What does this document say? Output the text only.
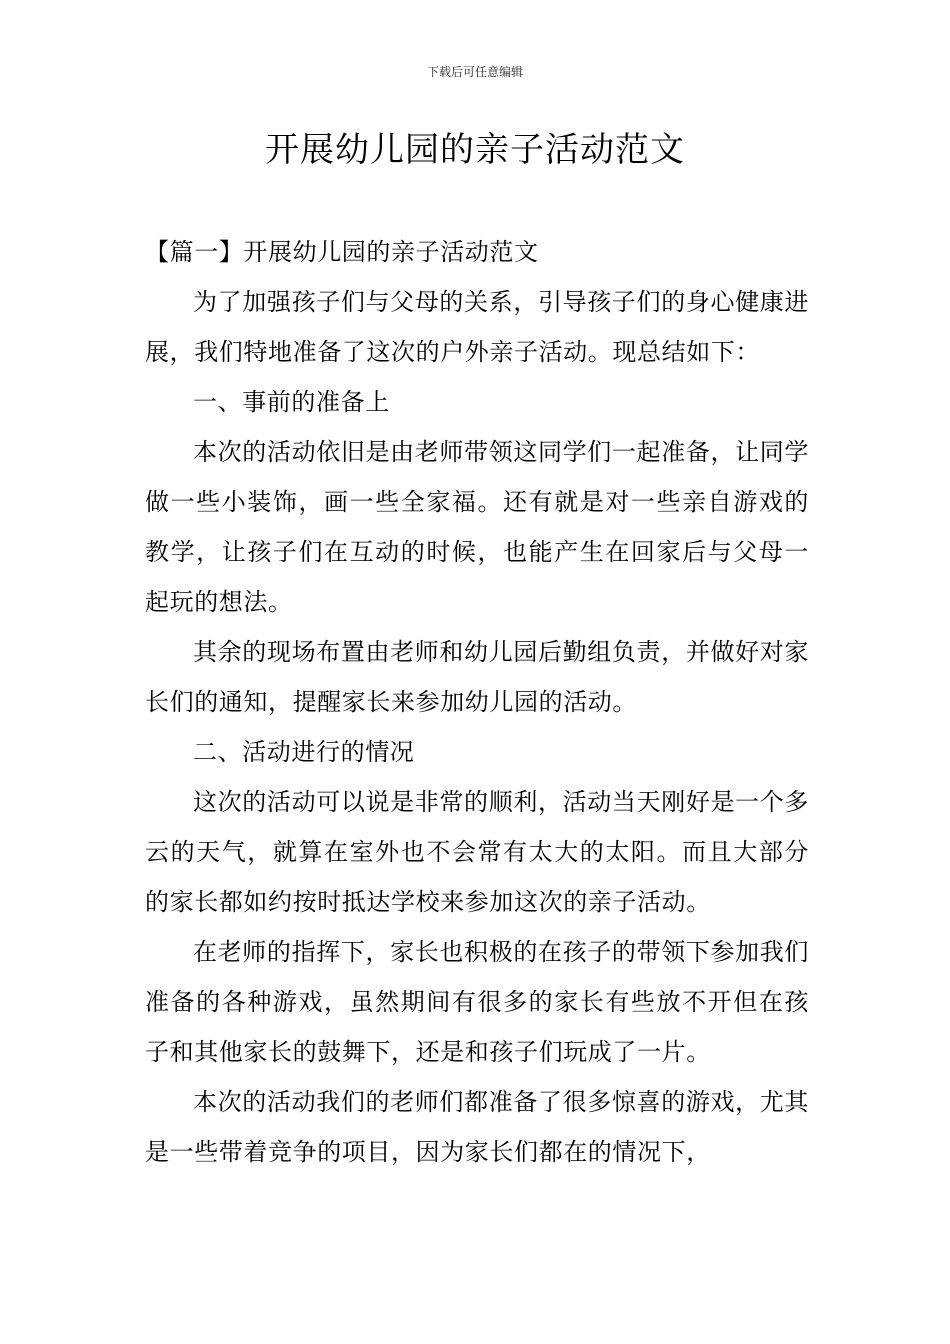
下载后可任意编辑
开展幼儿园的亲子活动范文

【篇一】开展幼儿园的亲子活动范文

为了加强孩子们与父母的关系，引导孩子们的身心健康进展，我们特地准备了这次的户外亲子活动。现总结如下：

一、事前的准备上

本次的活动依旧是由老师带领这同学们一起准备，让同学做一些小装饰，画一些全家福。还有就是对一些亲自游戏的教学，让孩子们在互动的时候，也能产生在回家后与父母一起玩的想法。

其余的现场布置由老师和幼儿园后勤组负责，并做好对家长们的通知，提醒家长来参加幼儿园的活动。

二、活动进行的情况

这次的活动可以说是非常的顺利，活动当天刚好是一个多云的天气，就算在室外也不会常有太大的太阳。而且大部分的家长都如约按时抵达学校来参加这次的亲子活动。

在老师的指挥下，家长也积极的在孩子的带领下参加我们准备的各种游戏，虽然期间有很多的家长有些放不开但在孩子和其他家长的鼓舞下，还是和孩子们玩成了一片。

本次的活动我们的老师们都准备了很多惊喜的游戏，尤其是一些带着竞争的项目，因为家长们都在的情况下，
